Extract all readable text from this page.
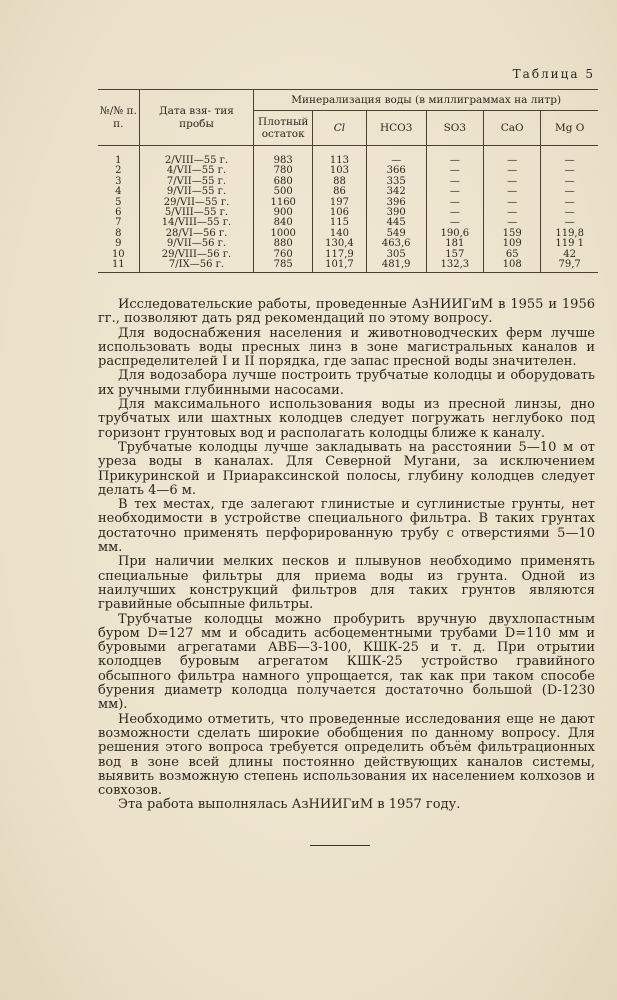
Таблица 5
№/№ п. п.	Дата взя- тия пробы	Минерализация воды (в миллиграммах на литр)					
		Плотный остаток	Cl	HCO3	SO3	CaO	Mg O
1	2/VIII—55 г.	983	113	—	—	—	—
2	4/VII—55 г.	780	103	366	—	—	—
3	7/VII—55 г.	680	88	335	—	—	—
4	9/VII—55 г.	500	86	342	—	—	—
5	29/VII—55 г.	1160	197	396	—	—	—
6	5/VIII—55 г.	900	106	390	—	—	—
7	14/VIII—55 г.	840	115	445	—	—	—
8	28/VI—56 г.	1000	140	549	190,6	159	119,8
9	9/VII—56 г.	880	130,4	463,6	181	109	119 1
10	29/VIII—56 г.	760	117,9	305	157	65	42
11	7/IX—56 г.	785	101,7	481,9	132,3	108	79,7

Исследовательские работы, проведенные АзНИИГиМ в 1955 и 1956 гг., позволяют дать ряд рекомендаций по этому вопросу.

Для водоснабжения населения и животноводческих ферм лучше использовать воды пресных линз в зоне магистральных каналов и распределителей I и II порядка, где запас пресной воды значителен.

Для водозабора лучше построить трубчатые колодцы и оборудовать их ручными глубинными насосами.

Для максимального использования воды из пресной линзы, дно трубчатых или шахтных колодцев следует погружать неглубоко под горизонт грунтовых вод и располагать колодцы ближе к каналу.

Трубчатые колодцы лучше закладывать на расстоянии 5—10 м от уреза воды в каналах. Для Северной Мугани, за исключением Прикуринской и Приараксинской полосы, глубину колодцев следует делать 4—6 м.

В тех местах, где залегают глинистые и суглинистые грунты, нет необходимости в устройстве специального фильтра. В таких грунтах достаточно применять перфорированную трубу с отверстиями 5—10 мм.

При наличии мелких песков и плывунов необходимо применять специальные фильтры для приема воды из грунта. Одной из наилучших конструкций фильтров для таких грунтов являются гравийные обсыпные фильтры.

Трубчатые колодцы можно пробурить вручную двухлопастным буром D=127 мм и обсадить асбоцементными трубами D=110 мм и буровыми агрегатами АВБ—3-100, КШК-25 и т. д. При отрытии колодцев буровым агрегатом КШК-25 устройство гравийного обсыпного фильтра намного упрощается, так как при таком способе бурения диаметр колодца получается достаточно большой (D-1230 мм).

Необходимо отметить, что проведенные исследования еще не дают возможности сделать широкие обобщения по данному вопросу. Для решения этого вопроса требуется определить объём фильтрационных вод в зоне всей длины постоянно действующих каналов системы, выявить возможную степень использования их населением колхозов и совхозов.

Эта работа выполнялась АзНИИГиМ в 1957 году.
